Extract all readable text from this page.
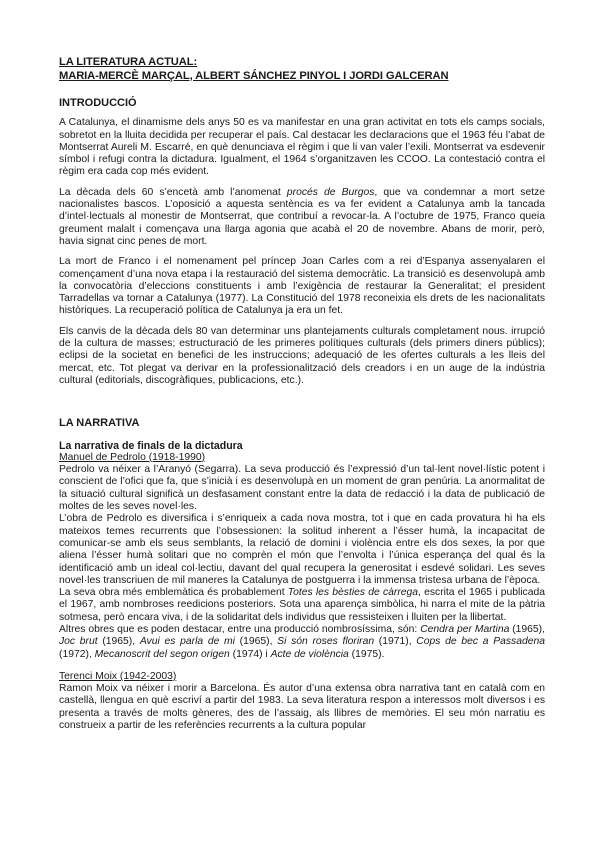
LA LITERATURA ACTUAL:
MARIA-MERCÈ MARÇAL, ALBERT SÁNCHEZ PINYOL I JORDI GALCERAN
INTRODUCCIÓ

A Catalunya, el dinamisme dels anys 50 es va manifestar en una gran activitat en tots els camps socials, sobretot en la lluita decidida per recuperar el país. Cal destacar les declaracions que el 1963 féu l’abat de Montserrat Aureli M. Escarré, en què denunciava el règim i que li van valer l’exili. Montserrat va esdevenir símbol i refugi contra la dictadura. Igualment, el 1964 s’organitzaven les CCOO. La contestació contra el règim era cada cop més evident.

La dècada dels 60 s’encetà amb l’anomenat procés de Burgos, que va condemnar a mort setze nacionalistes bascos. L’oposició a aquesta sentència es va fer evident a Catalunya amb la tancada d’intel·lectuals al monestir de Montserrat, que contribuí a revocar-la. A l’octubre de 1975, Franco queia greument malalt i començava una llarga agonia que acabà el 20 de novembre. Abans de morir, però, havia signat cinc penes de mort.

La mort de Franco i el nomenament pel príncep Joan Carles com a rei d’Espanya assenyalaren el començament d’una nova etapa i la restauració del sistema democràtic. La transició es desenvolupà amb la convocatòria d’eleccions constituents i amb l’exigència de restaurar la Generalitat; el president Tarradellas va tornar a Catalunya (1977). La Constitució del 1978 reconeixia els drets de les nacionalitats històriques. La recuperació política de Catalunya ja era un fet.

Els canvis de la dècada dels 80 van determinar uns plantejaments culturals completament nous. irrupció de la cultura de masses; estructuració de les primeres polítiques culturals (dels primers diners públics); eclipsi de la societat en benefici de les instruccions; adequació de les ofertes culturals a les lleis del mercat, etc. Tot plegat va derivar en la professionalització dels creadors i en un auge de la indústria cultural (editorials, discogràfiques, publicacions, etc.).

LA NARRATIVA
La narrativa de finals de la dictadura
Manuel de Pedrolo (1918-1990)

Pedrolo va néixer a l’Aranyó (Segarra). La seva producció és l’expressió d’un tal·lent novel·lístic potent i conscient de l’ofici que fa, que s’inicià i es desenvolupà en un moment de gran penúria. La anormalitat de la situació cultural significà un desfasament constant entre la data de redacció i la data de publicació de moltes de les seves novel·les.

L’obra de Pedrolo es diversifica i s’enriqueix a cada nova mostra, tot i que en cada provatura hi ha els mateixos temes recurrents que l’obsessionen: la solitud inherent a l’ésser humà, la incapacitat de comunicar-se amb els seus semblants, la relació de domini i violència entre els dos sexes, la por que aliena l’ésser humà solitari que no comprèn el món que l’envolta i l’única esperança del qual és la identificació amb un ideal col·lectiu, davant del qual recupera la generositat i esdevé solidari. Les seves novel·les transcriuen de mil maneres la Catalunya de postguerra i la immensa tristesa urbana de l’època.

La seva obra més emblemàtica és probablement Totes les bèsties de càrrega, escrita el 1965 i publicada el 1967, amb nombroses reedicions posteriors. Sota una aparença simbòlica, hi narra el mite de la pàtria sotmesa, però encara viva, i de la solidaritat dels individus que ressisteixen i lluiten per la llibertat.

Altres obres que es poden destacar, entre una producció nombrosíssima, són: Cendra per Martina (1965), Joc brut (1965), Avui es parla de mi (1965), Si són roses floriran (1971), Cops de bec a Passadena (1972), Mecanoscrit del segon origen (1974) i Acte de violència (1975).

Terenci Moix (1942-2003)

Ramon Moix va néixer i morir a Barcelona. És autor d’una extensa obra narrativa tant en català com en castellà, llengua en què escriví a partir del 1983. La seva literatura respon a interessos molt diversos i es presenta a través de molts gèneres, des de l’assaig, als llibres de memòries. El seu món narratiu es construeix a partir de les referències recurrents a la cultura popular
